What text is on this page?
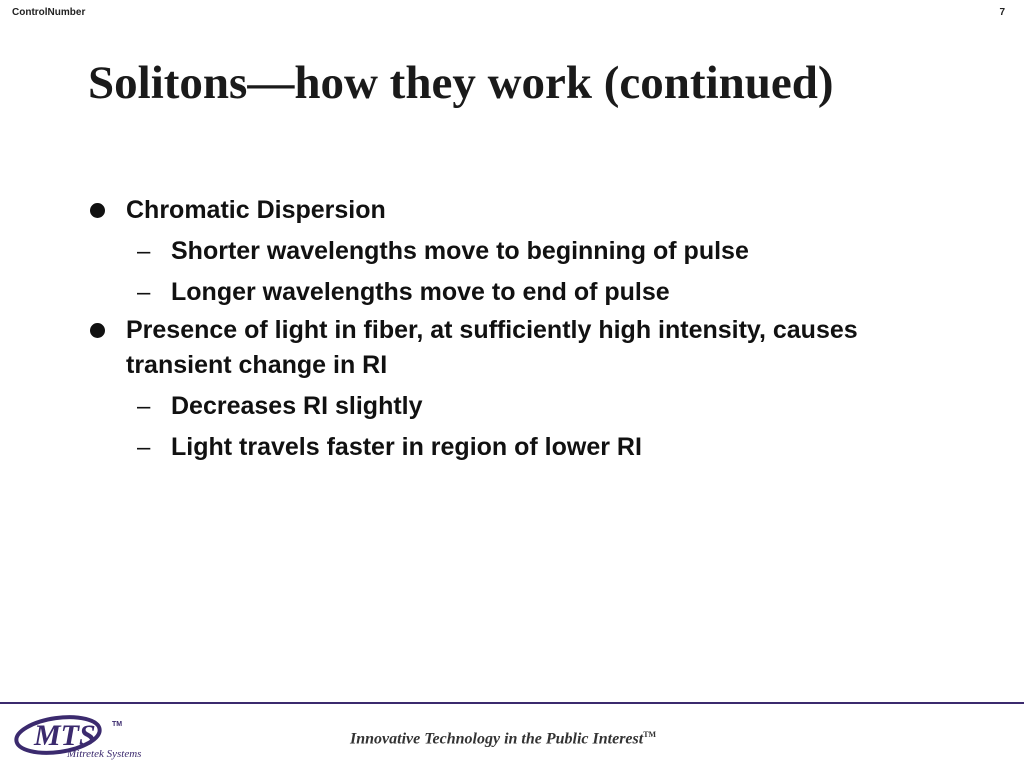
ControlNumber	7
Solitons—how they work (continued)
Chromatic Dispersion
– Shorter wavelengths move to beginning of pulse
– Longer wavelengths move to end of pulse
Presence of light in fiber, at sufficiently high intensity, causes transient change in RI
– Decreases RI slightly
– Light travels faster in region of lower RI
MTS TM
Mitretek Systems
Innovative Technology in the Public Interest™
